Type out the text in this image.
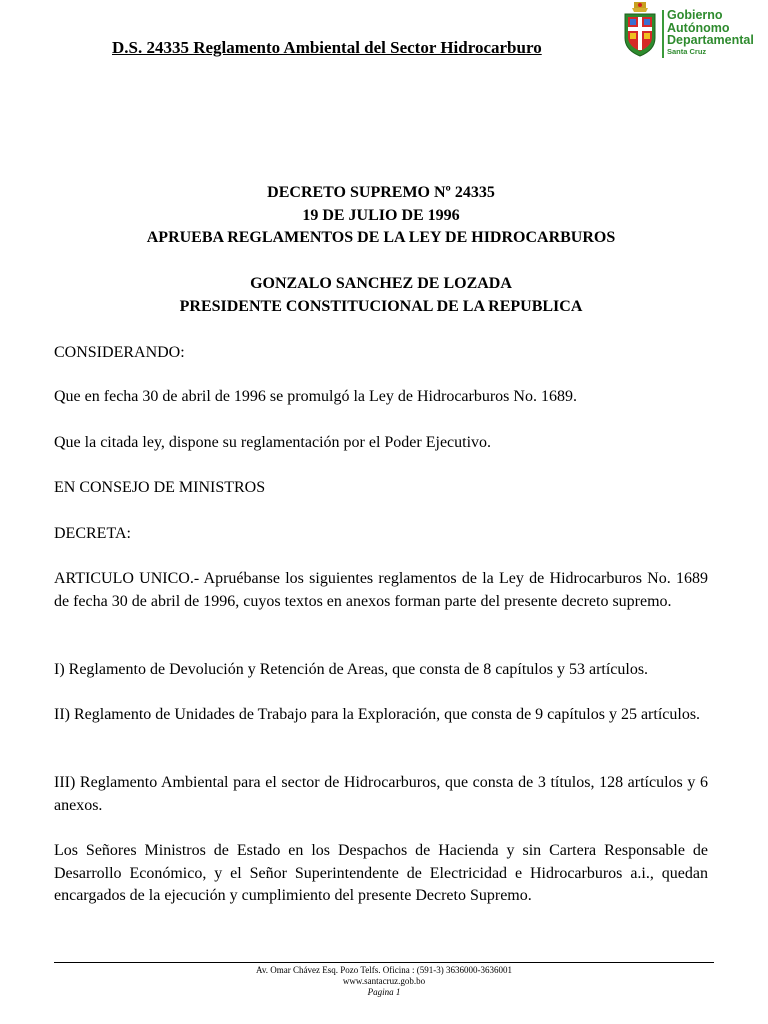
D.S. 24335 Reglamento Ambiental del Sector Hidrocarburo
Gobierno
Autónomo
Departamental
Santa Cruz
DECRETO SUPREMO Nº 24335
19 DE JULIO DE 1996
APRUEBA REGLAMENTOS DE LA LEY DE HIDROCARBUROS
GONZALO SANCHEZ DE LOZADA
PRESIDENTE CONSTITUCIONAL DE LA REPUBLICA
CONSIDERANDO:
Que en fecha 30 de abril de 1996 se promulgó la Ley de Hidrocarburos No. 1689.
Que la citada ley, dispone su reglamentación por el Poder Ejecutivo.
EN CONSEJO DE MINISTROS
DECRETA:
ARTICULO UNICO.- Apruébanse los siguientes reglamentos de la Ley de Hidrocarburos No. 1689 de fecha 30 de abril de 1996, cuyos textos en anexos forman parte del presente decreto supremo.
I) Reglamento de Devolución y Retención de Areas, que consta de 8 capítulos y 53 artículos.
II) Reglamento de Unidades de Trabajo para la Exploración, que consta de 9 capítulos y 25 artículos.
III) Reglamento Ambiental para el sector de Hidrocarburos, que consta de 3 títulos, 128 artículos y 6 anexos.
Los Señores Ministros de Estado en los Despachos de Hacienda y sin Cartera Responsable de Desarrollo Económico, y el Señor Superintendente de Electricidad e Hidrocarburos a.i., quedan encargados de la ejecución y cumplimiento del presente Decreto Supremo.
Av. Omar Chávez Esq. Pozo Telfs. Oficina : (591-3) 3636000-3636001
www.santacruz.gob.bo
Pagina 1
